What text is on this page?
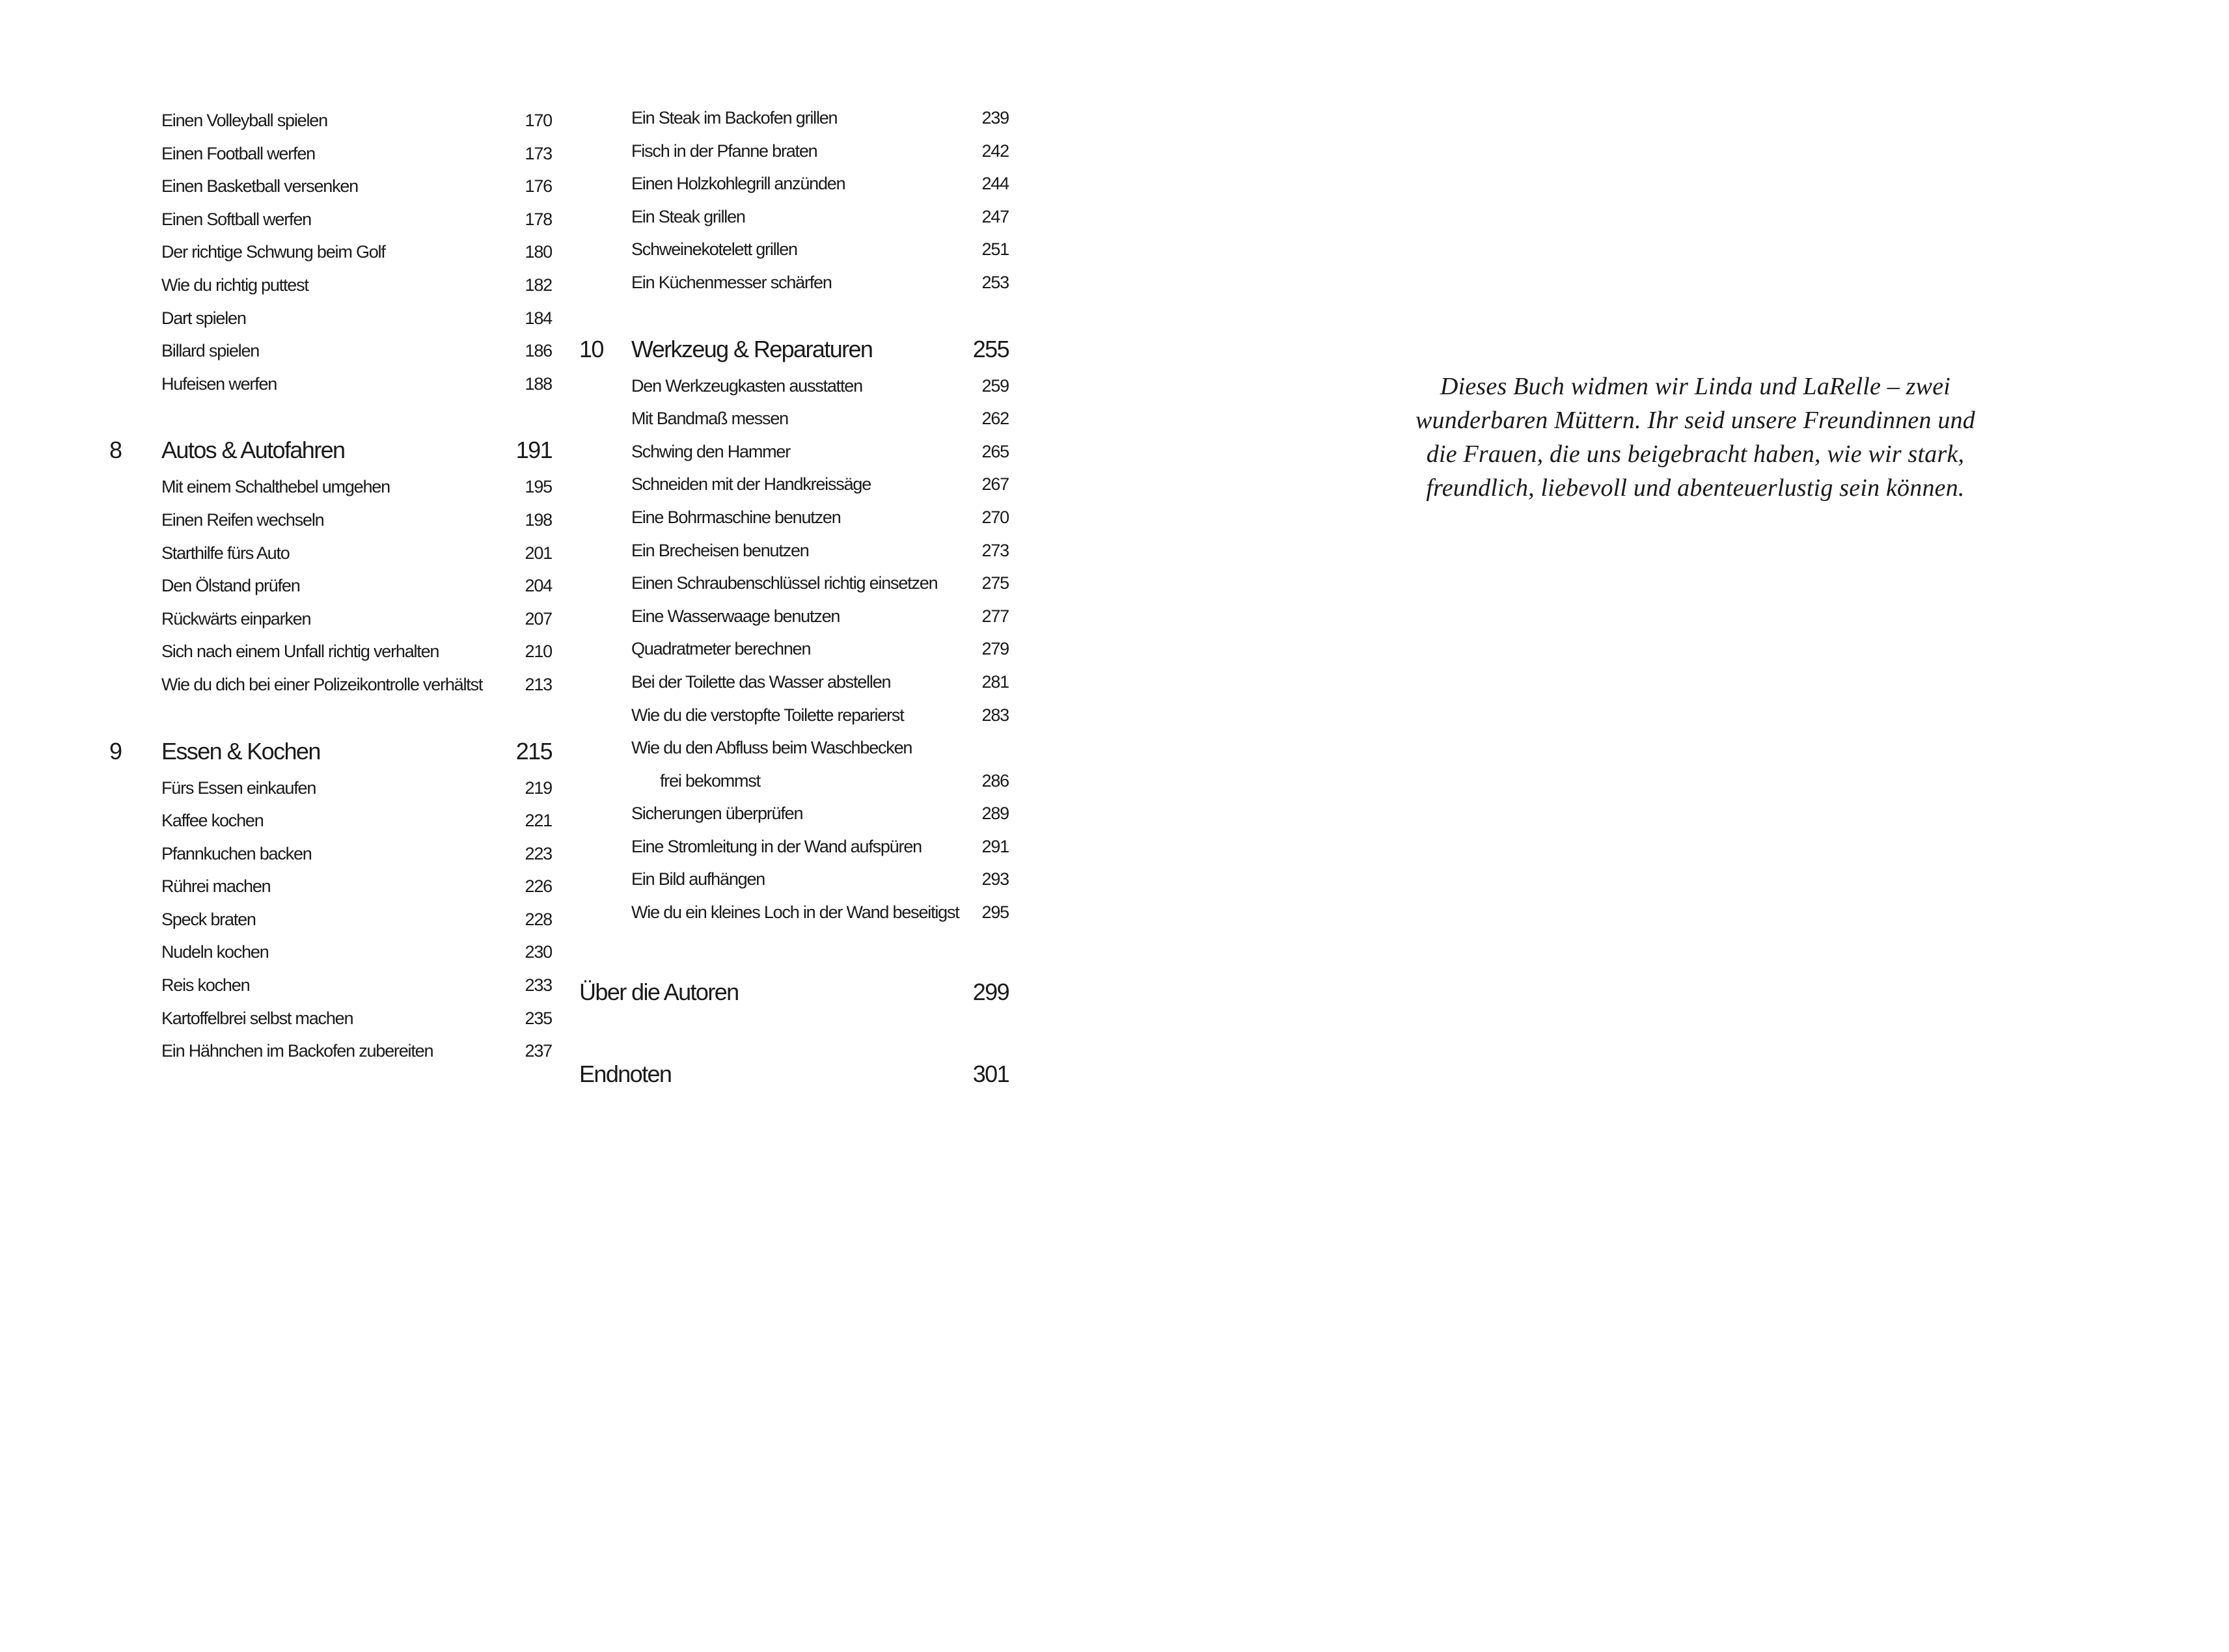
Einen Volleyball spielen	170
Einen Football werfen	173
Einen Basketball versenken	176
Einen Softball werfen	178
Der richtige Schwung beim Golf	180
Wie du richtig puttest	182
Dart spielen	184
Billard spielen	186
Hufeisen werfen	188
8	Autos & Autofahren	191
Mit einem Schalthebel umgehen	195
Einen Reifen wechseln	198
Starthilfe fürs Auto	201
Den Ölstand prüfen	204
Rückwärts einparken	207
Sich nach einem Unfall richtig verhalten	210
Wie du dich bei einer Polizeikontrolle verhältst 213
9	Essen & Kochen	215
Fürs Essen einkaufen	219
Kaffee kochen	221
Pfannkuchen backen	223
Rührei machen	226
Speck braten	228
Nudeln kochen	230
Reis kochen	233
Kartoffelbrei selbst machen	235
Ein Hähnchen im Backofen zubereiten	237
Ein Steak im Backofen grillen	239
Fisch in der Pfanne braten	242
Einen Holzkohlegrill anzünden	244
Ein Steak grillen	247
Schweinekotelett grillen	251
Ein Küchenmesser schärfen	253
10	Werkzeug & Reparaturen	255
Den Werkzeugkasten ausstatten	259
Mit Bandmaß messen	262
Schwing den Hammer	265
Schneiden mit der Handkreissäge	267
Eine Bohrmaschine benutzen	270
Ein Brecheisen benutzen	273
Einen Schraubenschlüssel richtig einsetzen	275
Eine Wasserwaage benutzen	277
Quadratmeter berechnen	279
Bei der Toilette das Wasser abstellen	281
Wie du die verstopfte Toilette reparierst	283
Wie du den Abfluss beim Waschbecken
frei bekommst	286
Sicherungen überprüfen	289
Eine Stromleitung in der Wand aufspüren	291
Ein Bild aufhängen	293
Wie du ein kleines Loch in der Wand beseitigst 295
Über die Autoren	299
Endnoten	301
Dieses Buch widmen wir Linda und LaRelle – zwei
wunderbaren Müttern. Ihr seid unsere Freundinnen und
die Frauen, die uns beigebracht haben, wie wir stark,
freundlich, liebevoll und abenteuerlustig sein können.
